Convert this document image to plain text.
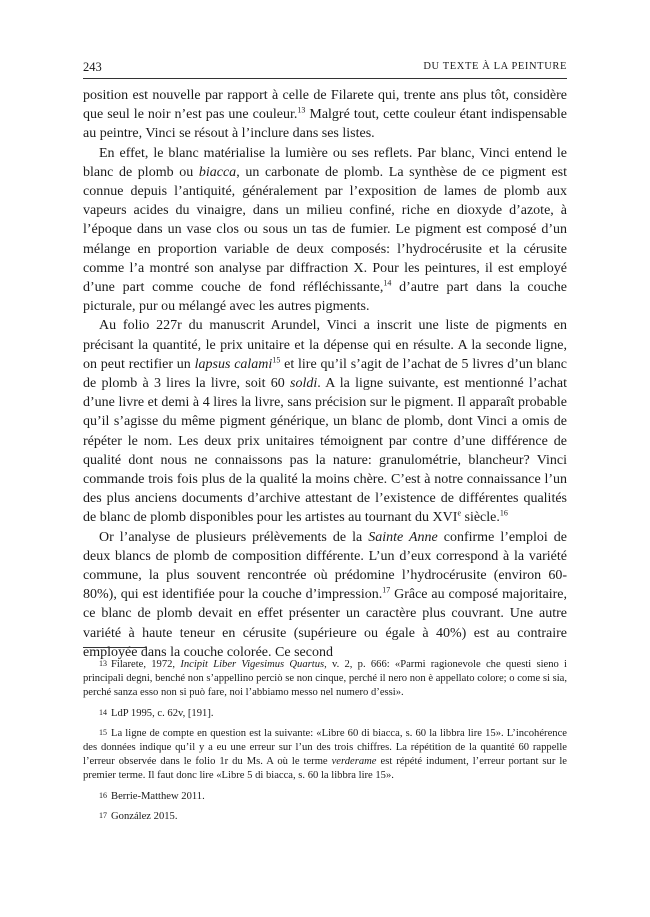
243	DU TEXTE À LA PEINTURE

position est nouvelle par rapport à celle de Filarete qui, trente ans plus tôt, considère que seul le noir n’est pas une couleur.$^{13}$ Malgré tout, cette couleur étant indispensable au peintre, Vinci se résout à l’inclure dans ses listes.

En effet, le blanc matérialise la lumière ou ses reflets. Par blanc, Vinci entend le blanc de plomb ou biacca, un carbonate de plomb. La synthèse de ce pigment est connue depuis l’antiquité, généralement par l’exposition de lames de plomb aux vapeurs acides du vinaigre, dans un milieu confiné, riche en dioxyde d’azote, à l’époque dans un vase clos ou sous un tas de fumier. Le pigment est composé d’un mélange en proportion variable de deux composés: l’hydrocérusite et la cérusite comme l’a montré son analyse par diffraction X. Pour les peintures, il est employé d’une part comme couche de fond réfléchissante,$^{14}$ d’autre part dans la couche picturale, pur ou mélangé avec les autres pigments.

Au folio 227r du manuscrit Arundel, Vinci a inscrit une liste de pigments en précisant la quantité, le prix unitaire et la dépense qui en résulte. A la seconde ligne, on peut rectifier un lapsus calami$^{15}$ et lire qu’il s’agit de l’achat de 5 livres d’un blanc de plomb à 3 lires la livre, soit 60 soldi. A la ligne suivante, est mentionné l’achat d’une livre et demi à 4 lires la livre, sans précision sur le pigment. Il apparaît probable qu’il s’agisse du même pigment générique, un blanc de plomb, dont Vinci a omis de répéter le nom. Les deux prix unitaires témoignent par contre d’une différence de qualité dont nous ne connaissons pas la nature: granulométrie, blancheur? Vinci commande trois fois plus de la qualité la moins chère. C’est à notre connaissance l’un des plus anciens documents d’archive attestant de l’existence de différentes qualités de blanc de plomb disponibles pour les artistes au tournant du XVIe siècle.$^{16}$

Or l’analyse de plusieurs prélèvements de la Sainte Anne confirme l’emploi de deux blancs de plomb de composition différente. L’un d’eux correspond à la variété commune, la plus souvent rencontrée où prédomine l’hydrocérusite (environ 60-80%), qui est identifiée pour la couche d’impression.$^{17}$ Grâce au composé majoritaire, ce blanc de plomb devait en effet présenter un caractère plus couvrant. Une autre variété à haute teneur en cérusite (supérieure ou égale à 40%) est au contraire employée dans la couche colorée. Ce second

13 Filarete, 1972, Incipit Liber Vigesimus Quartus, v. 2, p. 666: «Parmi ragionevole che questi sieno i principali degni, benché non s’appellino perciò se non cinque, perché il nero non è appellato colore; o come si sia, perché sanza esso non si può fare, noi l’abbiamo messo nel numero d’essi».

14 LdP 1995, c. 62v, [191].

15 La ligne de compte en question est la suivante: «Libre 60 di biacca, s. 60 la libbra lire 15». L’incohérence des données indique qu’il y a eu une erreur sur l’un des trois chiffres. La répétition de la quantité 60 rappelle l’erreur observée dans le folio 1r du Ms. A où le terme verderame est répété indument, l’erreur portant sur le premier terme. Il faut donc lire «Libre 5 di biacca, s. 60 la libbra lire 15».

16 Berrie-Matthew 2011.

17 González 2015.
